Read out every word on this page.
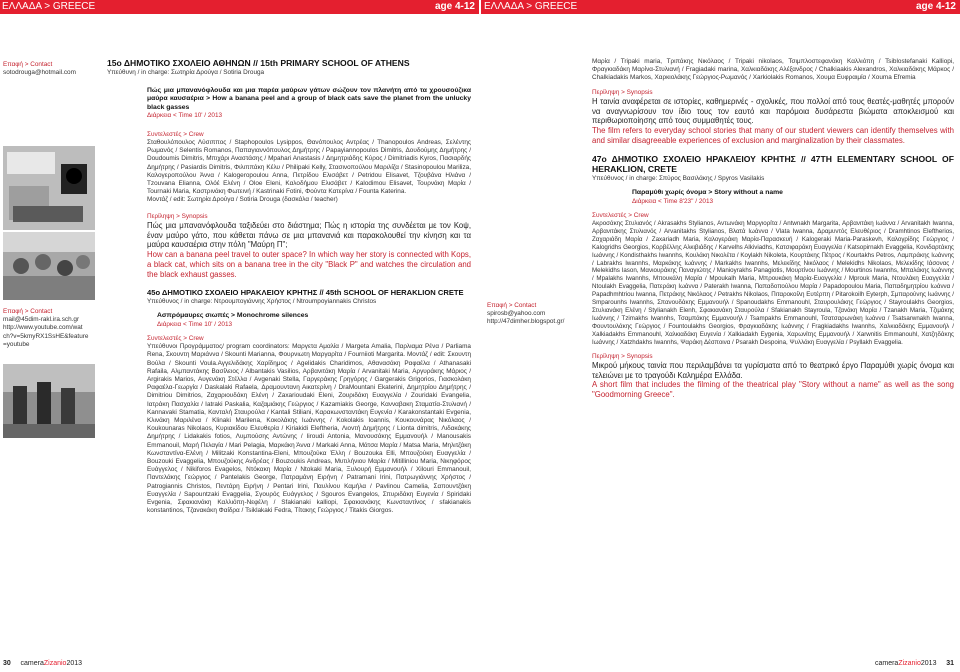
ΕΛΛΑΔΑ > GREECE	age 4-12 ΕΛΛΑΔΑ > GREECE	age 4-12
Επαφή > Contact
sotodrouga@hotmail.com
Επαφή > Contact
mail@45dim-rakl.ira.sch.gr
http://www.youtube.com/wat
ch?v=5kmyRX1SsHE&feature
=youtube
15ο ΔΗΜΟΤΙΚΟ ΣΧΟΛΕΙΟ ΑΘΗΝΩΝ // 15th PRIMARY SCHOOL OF ATHENS
Υπεύθυνη / in charge: Σωτηρία Δρούγα / Sotiria Drouga
Πώς μια μπανανόφλουδα και μια παρέα μαύρων γάτων σώζουν τον πλανήτη από τα χρουσούζικα μαύρα καυσαέρια > How a banana peel and a group of black cats save the planet from the unlucky black gasses
Διάρκεια < Time 10' / 2013
Συντελεστές > Crew
Σταθουλόπουλος Λύσιππος / Staphopoulos Lysippos, Θανόπουλος Αντρέας / Thanopoulos Andreas, Σελέντης Ρωμανός / Selentis Romanos, Παπαγιαννόπουλος Δημήτρης / Papayiannopoulos Dimitris, Δουδούμης Δημήτρης / Doudoumis Dimitris, Μπιχάρι Αναστάσης / Mpahari Anastasis / Δημητριάδης Κύρος / Dimitriadis Kyros, Πασιαρδής Δημήτρης / Pasiardis Dimitris, Φιλιππάκη Κέλυ / Philipaki Kelly, Στασινοπούλου Μαριλίζα / Stasinopoulou Mariliza, Καλογεροπούλου Άννα / Kalogeropoulou Anna, Πετρίδου Ελισάβετ / Petridou Elisavet, Τζουβάνα Ηλιάνα / Tzouvana Elianna, Ολόέ Ελένη / Oloe Eleni, Καλοδήμου Ελισάβετ / Kalodimou Elisavet, Τουρνάκη Μαρία / Tournaki Maria, Καστρινάκη Φωτεινή / Kastrinaki Fotini, Φούντα Κατερίνα / Founta Katerina.
Μοντάζ / edit: Σωτηρία Δρούγα / Sotiria Drouga (δασκάλα / teacher)
Περίληψη > Synopsis
Πώς μια μπανανόφλουδα ταξιδεύει στο διάστημα; Πώς η ιστορία της συνδέεται με τον Κοψ, έναν μαύρο γάτο, που κάθεται πάνω σε μια μπανανιά και παρακολουθεί την κίνηση και τα μαύρα καυσαέρια στην πόλη "Μαύρη Π";
How can a banana peel travel to outer space? In which way her story is connected with Kops, a black cat, which sits on a banana tree in the city "Black P" and watches the circulation and the black exhaust gasses.
45ο ΔΗΜΟΤΙΚΟ ΣΧΟΛΕΙΟ ΗΡΑΚΛΕΙΟΥ ΚΡΗΤΗΣ // 45th SCHOOL OF HERAKLION CRETE
Υπεύθυνος / in charge: Ντρουμπογιάννης Χρήστος / Ntroumpoyiannakis Christos
Ασπρόμαυρες σιωπές > Monochrome silences
Διάρκεια < Time 10' / 2013
Συντελεστές > Crew
Υπεύθυνοι Προγράμματος/ program coordinators: Μαργετα Αμαλία / Margeta Amalia, Παρλιαμα Ρένα / Parliama Rena, Σκουντη Μαριάννα / Skounti Marianna, Φουρνιωτη Μαργαρίτα / Fourniioti Margarita. Μοντάζ / edit: Σκουντη Βούλα / Skounti Voula.Αγγελιδάκης Χαρίδημος / Agelidakis Charidimos, Αθανασάκη Ραφαέλα / Athanasaki Rafaila, Αλμπαντάκης Βασίλειος / Albantakis Vasilios, Αρβανιτάκη Μαρία / Arvanitaki Maria, Αργυράκης Μάριος / Argirakis Marios, Αυγενάκη Στέλλα / Avgenaki Stella, Γαργεράκης Γρηγόρης / Gargerakis Grigorios, Γιασκολάκη Ραφαέλα-Γεωργία / Daskalaki Rafaela, Δραμουντανη Αικατερίνη / DraMountani Ekaterini, Δημητρίου Δημήτρης / Dimitriou Dimitrios, Ζαχαριουδάκη Ελένη / Zaxarioudaki Eleni, Ζουριδάκη Ευαγγελία / Zouridaki Evangelia, Ιατράκη Πασχαλία / Iatraki Paskalia, Καζαμιάκης Γεώργιος / Kazamiakis George, Κανναβακη Σταματία-Στυλιανή / Kannavaki Stamatia, Κανταλή Σταυρούλα / Kantali Stiliani, Καρακωνσταντάκη Ευγενία / Karakonstantaki Evgenia, Κλινάκη Μαριλένα / Klinaki Marilena, Κοκολάκης Ιωάννης / Kokolakis Ioannis, Κουκουνάρας Νικόλαος / Koukounaras Nikolaos, Κυριακίδου Ελευθερία / Kiriakidi Eleftheria, Λιοντή Δημήτρης / Lionta dimitris, Λιδακάκης Δημήτρης / Lidakakis fotios, Λυμπούσης Αντώνης / Iiroudi Antonia, Μανουσάκης Εμμανουήλ / Manousakis Emmanouil, Μαρή Πελαγία / Mari Pelagia, Μαρκάκη Άννα / Markaki Anna, Μάτσα Μαρία / Matsa Maria, Μηλιτζάκη Κωνσταντίνα-Ελένη / Militzaki Konstantina-Eleni, Μπουζούκα Έλλη / Bouzouka Elli, Μπουζούκη Ευαγγελία / Bouzouki Evaggelia, Μπουζούκης Ανδρέας / Bouzoukis Andreas, Μυτιλήνιου Μαρία / Mitilliniou Maria, Νικηφόρος Ευάγγελος / Nikiforos Evagelos, Ντόκακη Μαρία / Ntokaki Maria, Ξυλουρή Εμμανουήλ / Xilouri Emmanouil, Παντελάκης Γεώργιος / Pantelakis George, Πατραμάνη Ειρήνη / Patramani Irini, Πατρωγιάννης Χρήστος / Patrogiannis Christos, Πεντάρη Ειρήνη / Pentari Irini, Παυλίνου Καμήλα / Pavlinou Camelia, Σαπουντζάκη Ευαγγελία / Sapountzaki Evaggelia, Σγουρός Ευάγγελος / Sgouros Evangelos, Σπυριδάκη Ευγενία / Spiridaki Evgenia, Σφακιανάκη Καλλιόπη-Νεφέλη / Sfakianaki kalliopi, Σφακιανάκης Κωνσταντίνος / sfakianakis konstantinos, Τζανακάκη Φαίδρα / Tsiklakaki Fedra, Τίτακης Γεώργιος / Titakis Giorgos.
Επαφή > Contact
spirosb@yahoo.com
http://47dimher.blogspot.gr/
Μαρία / Tripaki maria, Τριπάκης Νικόλαος / Tripaki nikolaos, Τσιμπλοστεφανάκη Καλλιόπη / Tsiblostefanaki Kalliopi, Φραγκιαδάκη Μαρίνα-Στυλιανή / Fragiadaki marina, Χαλκιαδάκης Αλέξανδρος / Chalkiaakis Alexandros, Χαλκιαδάκης Μάρκος / Chalkiadakis Markos, Χαρκιολάκης Γεώργιος-Ρωμανός / Xarkiolakis Romanos, Χουμα Ευφραιμία / Xouma Efremia
Περίληψη > Synopsis
Η ταινία αναφέρεται σε ιστορίες, καθημερινές - σχολικές, που πολλοί από τους θεατές-μαθητές μπορούν να αναγνωρίσουν τον ίδιο τους τον εαυτό και παρόμοια δυσάρεστα βιώματα αποκλεισμού και περιθωριοποίησης από τους συμμαθητές τους.
The film refers to everyday school stories that many of our student viewers can identify themselves with and similar disagreeable experiences of exclusion and marginalization by their classmates.
47ο ΔΗΜΟΤΙΚΟ ΣΧΟΛΕΙΟ ΗΡΑΚΛΕΙΟΥ ΚΡΗΤΗΣ // 47TH ELEMENTARY SCHOOL OF HERAKLION, CRETE
Υπεύθυνος / in charge: Σπύρος Βασιλάκης / Spyros Vasilakis
Παραμύθι χωρίς όνομα > Story without a name
Διάρκεια < Time 8'23'' / 2013
Συντελεστές > Crew
Ακροσάκης Στυλιανός / Akrasakhs Stylianos, Αντωνάκη Μαργιορίτα / Antwnakh Margarita, Αρβανιτάκη Ιωάννα / Arvanitakh Iwanna, Αρβανιτάκης Στυλιανός / Arvanitakhs Stylianos, Βλατά Ιωάννα / Vlata Iwanna, Δραμυντός Ελευθέριος / Dramhtinos Eleftherios, Ζαχαριάδη Μαρία / Zaxariadh Maria, Καλογεράκη Μαρία-Παρασκευή / Kalogeraki Maria-Paraskevh, Καλογρίδης Γεώργιος / Kalogridhs Georgios, Κορβέλλης Αλκιβιάδης / Karvelhs Alkiviadhs, Κατσιφαράκη Ευαγγελία / Katsopirnakh Evaggelia, Κονιδαρτάκης Ιωάννης / Kondisthakhs Iwannhs, Κουλάκη Νικολέτα / Koylakh Nikoleta, Κουρτάκης Πέτρος / Kourtakhs Petros, Λαμπράκης Ιωάννης / Labrakhs Iwannhs, Μαρκάκης Ιωάννης / Markakhs Iwannhs, Μελεκίδης Νικόλαος / Melekidhs Nikolaos, Μελεκίδης Ιάσονας / Melekidhs Iason, Μανιουράκης Παναγιώτης / Manioyrakhs Panagiotis, Μουρτίνου Ιωάννης / Mourtinos Iwannhs, Μπαλάκης Ιωάννης / Mpalakhs Iwannhs, Μπουκάλη Μαρία / Mpoukalh Maria, Μπρουκάκη Μαρία-Ευαγγελία / Mprouk Maria, Ντουλάκη Ευαγγελία / Ntoulakh Evaggelia, Πατεράκη Ιωάννα / Paterakh Iwanna, Παπαδοπούλου Μαρία / Papadopoulou Maria, Παπαδημητρίου Ιωάννα / Papadhmhtriou Iwanna, Πετράκης Νικόλαος / Petrakhs Nikolaos, Πιταροκοίλη Ευτέρπη / Pitarokoilh Eyterph, Σμπαρούνης Ιωάννης / Smparounhs Iwannhs, Σπανουδάκης Εμμανουήλ / Spanoudakhs Emmanouhl, Σταυρουλάκης Γεώργιος / Stayroulakhs Georgios, Στυλιανάκη Ελένη / Stylianakh Elenh, Σφακιανάκη Σταυρούλα / Sfakianakh Stayroula, Τζανάκη Μαρία / Tzanakh Maria, Τζιμάκης Ιωάννης / Tzimakhs Iwannhs, Τσαμπάκης Εμμανουήλ / Tsampakhs Emmanouhl, Τσατσαρωνάκη Ιωάννα / Tsatsarwnakh Iwanna, Φουντουλάκης Γεώργιος / Fountoulakhs Georgios, Φραγκιαδάκης Ιωάννης / Fragkiadakhs Iwannhs, Χαλκιαδάκης Εμμανουήλ / Xalkiadakhs Emmanouhl, Χαλκιαδάκη Ευγενία / Xalkiadakh Eygenia, Χαρωνίτης Εμμανουήλ / Xarwnitis Emmanouhl, Χατζηδάκης Ιωάννης / Xatzhdakhs Iwannhs, Ψαράκη Δέσποινα / Psarakh Despoina, Ψυλλάκη Ευαγγελία / Psyllakh Evaggelia.
Περίληψη > Synopsis
Μικρού μήκους ταινία που περιλαμβάνει τα γυρίσματα από το θεατρικό έργο Παραμύθι χωρίς όνομα και τελειώνει με το τραγούδι Καλημέρα Ελλάδα.
A short film that includes the filming of the theatrical play "Story without a name" as well as the song "Goodmorning Greece".
30 cameraZizanio2013	cameraZizanio2013 31
